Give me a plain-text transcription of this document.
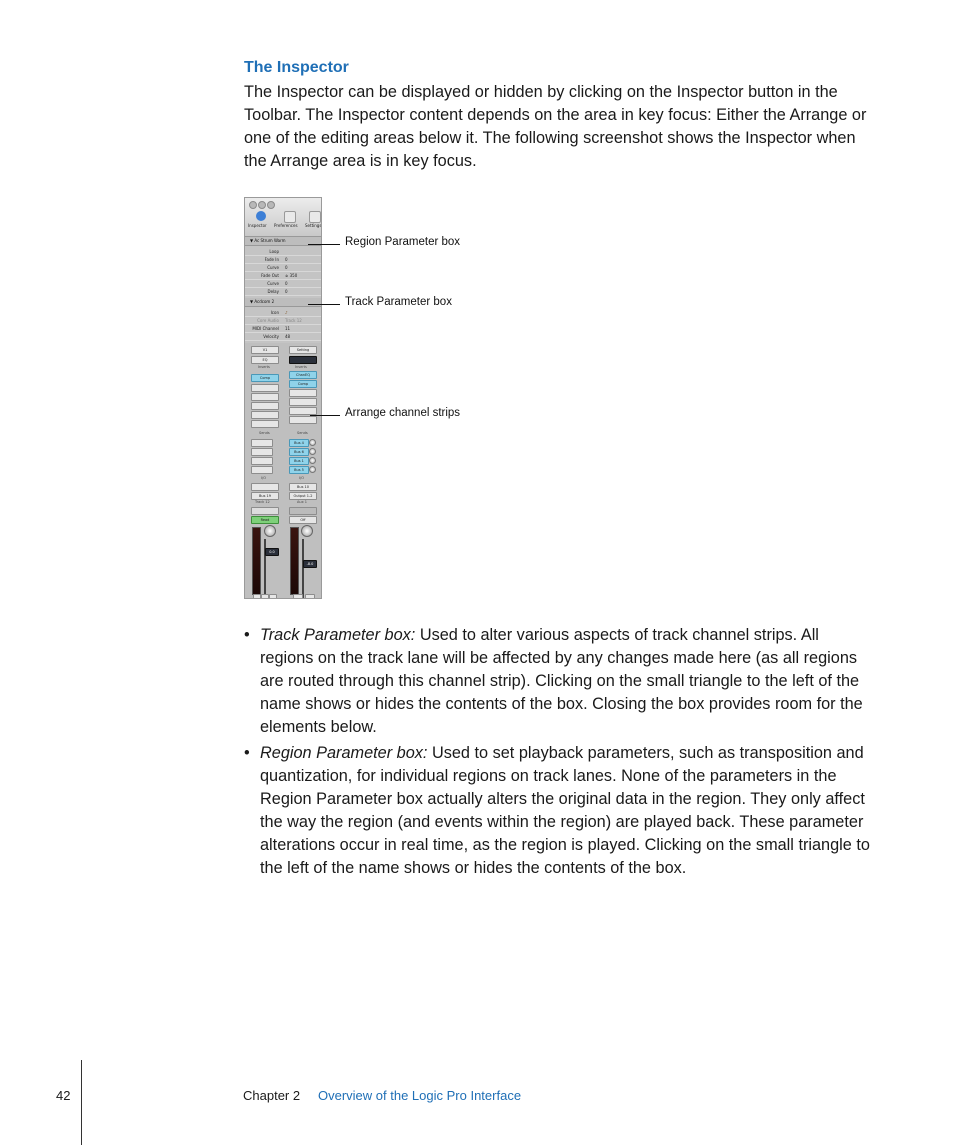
The Inspector
The Inspector can be displayed or hidden by clicking on the Inspector button in the Toolbar. The Inspector content depends on the area in key focus: Either the Arrange or one of the editing areas below it. The following screenshot shows the Inspector when the Arrange area is in key focus.
Inspector Preferences Settings
▼ Ac Strum Warm
Loop
Fade In 0
Curve 0
Fade Out ≑ 350
Curve 0
Delay 0
▼ Acdcom 2
Icon ♪
Core Audio Track 12
MIDI Channel 11
Velocity 48
V1
EQ
Inserts
Comp
Sends
I/O
Bus 19
Track 12
Read
0.0
Setting
Inserts
ChanEQ
Comp
Sends
Bus 4
Bus 6
Bus 1
Bus 5
I/O
Bus 10
Output 1-2
Aux 1
Off
-8.0
Region Parameter box
Track Parameter box
Arrange channel strips
• Track Parameter box: Used to alter various aspects of track channel strips. All regions on the track lane will be affected by any changes made here (as all regions are routed through this channel strip). Clicking on the small triangle to the left of the name shows or hides the contents of the box. Closing the box provides room for the elements below.
• Region Parameter box: Used to set playback parameters, such as transposition and quantization, for individual regions on track lanes. None of the parameters in the Region Parameter box actually alters the original data in the region. They only affect the way the region (and events within the region) are played back. These parameter alterations occur in real time, as the region is played. Clicking on the small triangle to the left of the name shows or hides the contents of the box.
42	Chapter 2 Overview of the Logic Pro Interface
